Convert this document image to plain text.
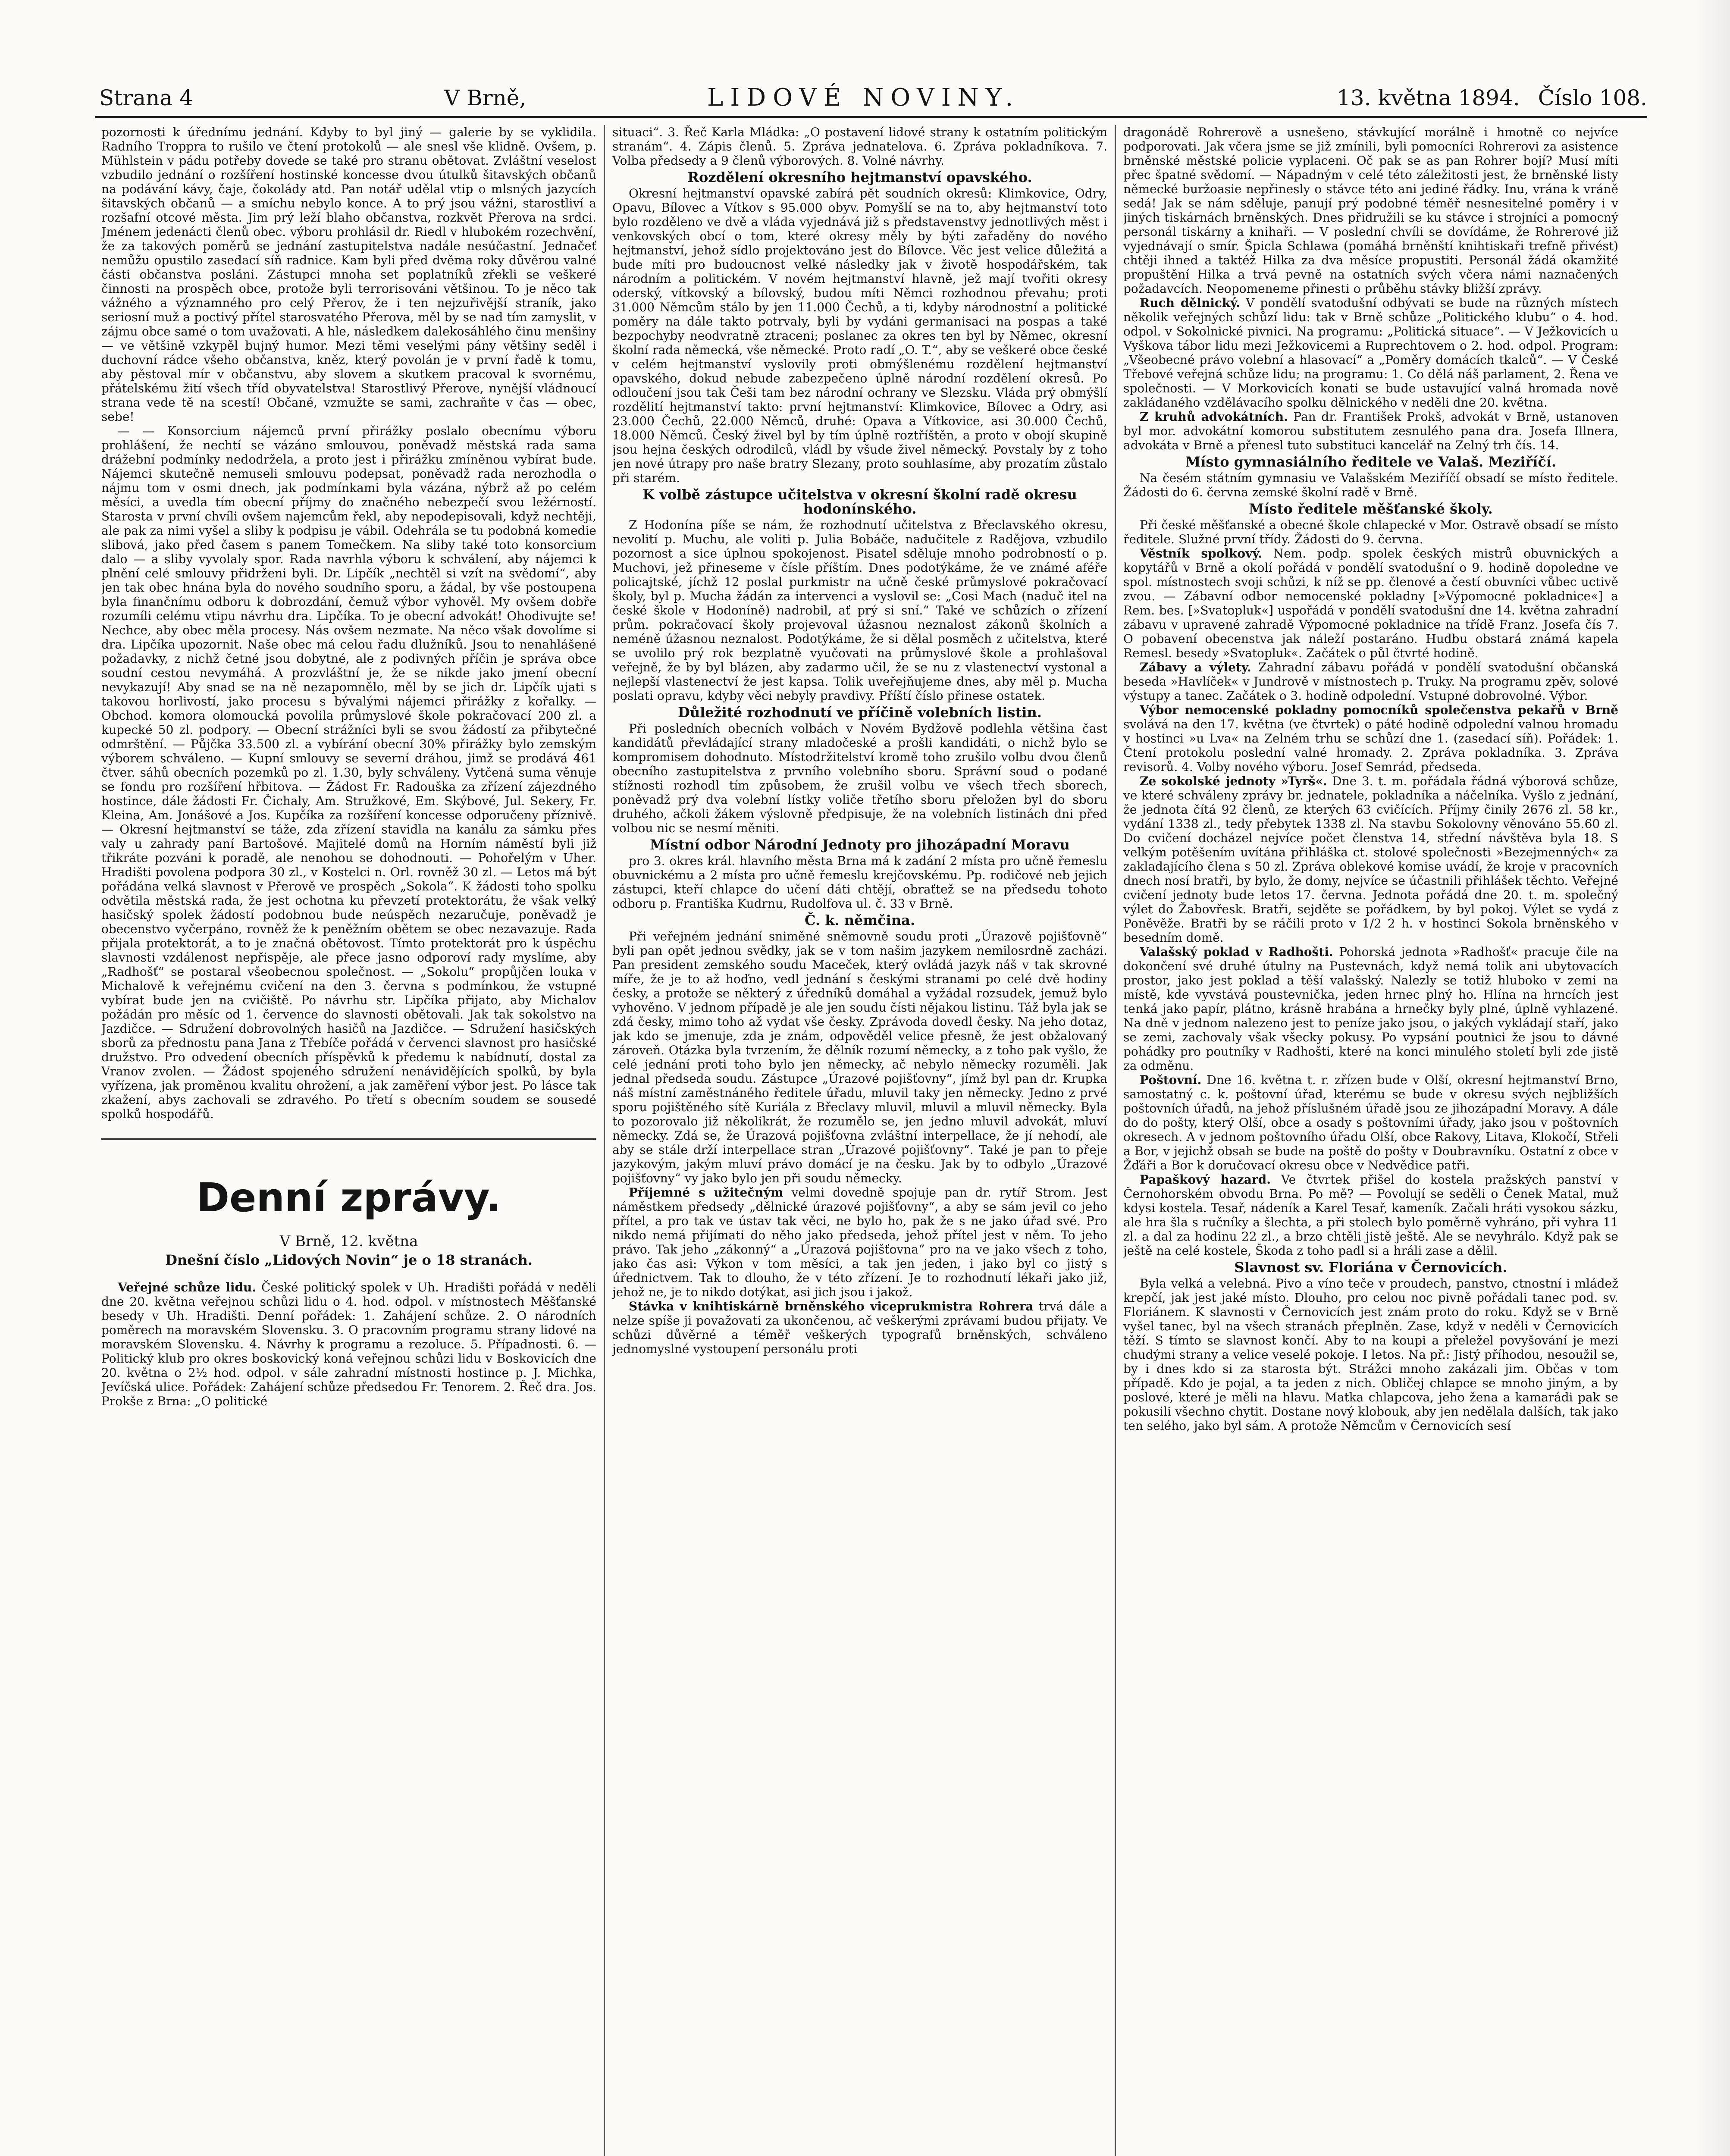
Strana 4	V Brně,	LIDOVÉ NOVINY.	13. května 1894. Číslo 108.

pozornosti k úřednímu jednání. Kdyby to byl jiný — galerie by se vyklidila. Radního Troppra to rušilo ve čtení protokolů — ale snesl vše klidně. Ovšem, p. Mühlstein v pádu potřeby dovede se také pro stranu obětovat. Zvláštní veselost vzbudilo jednání o rozšíření hostinské koncesse dvou útulků šitavských občanů na podávání kávy, čaje, čokolády atd. Pan notář udělal vtip o mlsných jazycích šitavských občanů — a smíchu nebylo konce. A to prý jsou vážni, starostliví a rozšafní otcové města. Jim prý leží blaho občanstva, rozkvět Přerova na srdci. Jménem jedenácti členů obec. výboru prohlásil dr. Riedl v hlubokém rozechvění, že za takových poměrů se jednání zastupitelstva nadále nesúčastní. Jednačeť nemůžu opustilo zasedací síň radnice. Kam byli před dvěma roky důvěrou valné části občanstva posláni. Zástupci mnoha set poplatníků zřekli se veškeré činnosti na prospěch obce, protože byli terrorisováni většinou. To je něco tak vážného a významného pro celý Přerov, že i ten nejzuřivější straník, jako seriosní muž a poctivý přítel starosvatého Přerova, měl by se nad tím zamyslit, v zájmu obce samé o tom uvažovati. A hle, následkem dalekosáhlého činu menšiny — ve většině vzkypěl bujný humor. Mezi těmi veselými pány většiny seděl i duchovní rádce všeho občanstva, kněz, který povolán je v první řadě k tomu, aby pěstoval mír v občanstvu, aby slovem a skutkem pracoval k svornému, přátelskému žití všech tříd obyvatelstva! Starostlivý Přerove, nynější vládnoucí strana vede tě na scestí! Občané, vzmužte se sami, zachraňte v čas — obec, sebe!

— — Konsorcium nájemců první přirážky poslalo obecnímu výboru prohlášení, že nechtí se vázáno smlouvou, poněvadž městská rada sama drážební podmínky nedodržela, a proto jest i přirážku zmíněnou vybírat bude. Nájemci skutečně nemuseli smlouvu podepsat, poněvadž rada nerozhodla o nájmu tom v osmi dnech, jak podmínkami byla vázána, nýbrž až po celém měsíci, a uvedla tím obecní příjmy do značného nebezpečí svou ležérností. Starosta v první chvíli ovšem najemcům řekl, aby nepodepisovali, když nechtěji, ale pak za nimi vyšel a sliby k podpisu je vábil. Odehrála se tu podobná komedie slibová, jako před časem s panem Tomečkem. Na sliby také toto konsorcium dalo — a sliby vyvolaly spor. Rada navrhla výboru k schválení, aby nájemci k plnění celé smlouvy přidrženi byli. Dr. Lipčík „nechtěl si vzít na svědomí“, aby jen tak obec hnána byla do nového soudního sporu, a žádal, by vše postoupena byla finančnímu odboru k dobrozdání, čemuž výbor vyhověl. My ovšem dobře rozumíli celému vtipu návrhu dra. Lipčíka. To je obecní advokát! Ohodivujte se! Nechce, aby obec měla procesy. Nás ovšem nezmate. Na něco však dovolíme si dra. Lipčíka upozornit. Naše obec má celou řadu dlužníků. Jsou to nenahlášené požadavky, z nichž četné jsou dobytné, ale z podivných příčin je správa obce soudní cestou nevymáhá. A prozvláštní je, že se nikde jako jmení obecní nevykazují! Aby snad se na ně nezapomnělo, měl by se jich dr. Lipčík ujati s takovou horlivostí, jako procesu s bývalými nájemci přirážky z kořalky. — Obchod. komora olomoucká povolila průmyslové škole pokračovací 200 zl. a kupecké 50 zl. podpory. — Obecní strážníci byli se svou žádostí za přibytečné odmrštění. — Půjčka 33.500 zl. a vybírání obecní 30% přirážky bylo zemským výborem schváleno. — Kupní smlouvy se severní dráhou, jimž se prodává 461 čtver. sáhů obecních pozemků po zl. 1.30, byly schváleny. Vytčená suma věnuje se fondu pro rozšíření hřbitova. — Žádost Fr. Radouška za zřízení zájezdného hostince, dále žádosti Fr. Čichaly, Am. Stružkové, Em. Skýbové, Jul. Sekery, Fr. Kleina, Am. Jonášové a Jos. Kupčíka za rozšíření koncesse odporučeny příznivě. — Okresní hejtmanství se táže, zda zřízení stavidla na kanálu za sámku přes valy u zahrady paní Bartošové. Majitelé domů na Horním náměstí byli již třikráte pozváni k poradě, ale nenohou se dohodnouti. — Pohořelým v Uher. Hradišti povolena podpora 30 zl., v Kostelci n. Orl. rovněž 30 zl. — Letos má být pořádána velká slavnost v Přerově ve prospěch „Sokola“. K žádosti toho spolku odvětila městská rada, že jest ochotna ku převzetí protektorátu, že však velký hasičský spolek žádostí podobnou bude neúspěch nezaručuje, poněvadž je obecenstvo vyčerpáno, rovněž že k peněžním obětem se obec nezavazuje. Rada přijala protektorát, a to je značná obětovost. Tímto protektorát pro k úspěchu slavnosti vzdálenost nepřispěje, ale přece jasno odporoví rady myslíme, aby „Radhošť“ se postaral všeobecnou společnost. — „Sokolu“ propůjčen louka v Michalově k veřejnému cvičení na den 3. června s podmínkou, že vstupné vybírat bude jen na cvičiště. Po návrhu str. Lipčíka přijato, aby Michalov požádán pro měsíc od 1. července do slavnosti obětovali. Jak tak sokolstvo na Jazdičce. — Sdružení dobrovolných hasičů na Jazdičce. — Sdružení hasičských sborů za přednostu pana Jana z Třebíče pořádá v červenci slavnost pro hasičské družstvo. Pro odvedení obecních příspěvků k předemu k nabídnutí, dostal za Vranov zvolen. — Žádost spojeného sdružení nenávidějících spolků, by byla vyřízena, jak proměnou kvalitu ohrožení, a jak zaměření výbor jest. Po lásce tak zkažení, abys zachovali se zdravého. Po třetí s obecním soudem se sousedé spolků hospodářů.

Denní zprávy.
V Brně, 12. května
Dnešní číslo „Lidových Novin“ je o 18 stranách.

Veřejné schůze lidu. České politický spolek v Uh. Hradišti pořádá v neděli dne 20. května veřejnou schůzi lidu o 4. hod. odpol. v místnostech Měšťanské besedy v Uh. Hradišti. Denní pořádek: 1. Zahájení schůze. 2. O národních poměrech na moravském Slovensku. 3. O pracovním programu strany lidové na moravském Slovensku. 4. Návrhy k programu a rezoluce. 5. Případnosti. 6. — Politický klub pro okres boskovický koná veřejnou schůzi lidu v Boskovicích dne 20. května o 2½ hod. odpol. v sále zahradní místnosti hostince p. J. Michka, Jevíčská ulice. Pořádek: Zahájení schůze předsedou Fr. Tenorem. 2. Řeč dra. Jos. Prokše z Brna: „O politické

situaci“. 3. Řeč Karla Mládka: „O postavení lidové strany k ostatním politickým stranám“. 4. Zápis členů. 5. Zpráva jednatelova. 6. Zpráva pokladníkova. 7. Volba předsedy a 9 členů výborových. 8. Volné návrhy.

Rozdělení okresního hejtmanství opavského.

Okresní hejtmanství opavské zabírá pět soudních okresů: Klimkovice, Odry, Opavu, Bílovec a Vítkov s 95.000 obyv. Pomyšlí se na to, aby hejtmanství toto bylo rozděleno ve dvě a vláda vyjednává již s představenstvy jednotlivých měst i venkovských obcí o tom, které okresy měly by býti zařaděny do nového hejtmanství, jehož sídlo projektováno jest do Bílovce. Věc jest velice důležitá a bude míti pro budoucnost velké následky jak v životě hospodářském, tak národním a politickém. V novém hejtmanství hlavně, jež mají tvořiti okresy oderský, vítkovský a bílovský, budou míti Němci rozhodnou převahu; proti 31.000 Němcům stálo by jen 11.000 Čechů, a ti, kdyby národnostní a politické poměry na dále takto potrvaly, byli by vydáni germanisaci na pospas a také bezpochyby neodvratně ztraceni; poslanec za okres ten byl by Němec, okresní školní rada německá, vše německé. Proto radí „O. T.“, aby se veškeré obce české v celém hejtmanství vyslovily proti obmýšlenému rozdělení hejtmanství opavského, dokud nebude zabezpečeno úplně národní rozdělení okresů. Po odloučení jsou tak Češi tam bez národní ochrany ve Slezsku. Vláda prý obmýšlí rozdělití hejtmanství takto: první hejtmanství: Klimkovice, Bílovec a Odry, asi 23.000 Čechů, 22.000 Němců, druhé: Opava a Vítkovice, asi 30.000 Čechů, 18.000 Němců. Český živel byl by tím úplně roztříštěn, a proto v obojí skupině jsou hejna českých odrodilců, vládl by všude živel německý. Povstaly by z toho jen nové útrapy pro naše bratry Slezany, proto souhlasíme, aby prozatím zůstalo při starém.

K volbě zástupce učitelstva v okresní školní radě okresu hodonínského.

Z Hodonína píše se nám, že rozhodnutí učitelstva z Břeclavského okresu, nevolití p. Muchu, ale voliti p. Julia Bobáče, nadučitele z Radějova, vzbudilo pozornost a sice úplnou spokojenost. Pisatel sděluje mnoho podrobností o p. Muchovi, jež přineseme v čísle příštím. Dnes podotýkáme, že ve známé aféře policajtské, jíchž 12 poslal purkmistr na učně české průmyslové pokračovací školy, byl p. Mucha žádán za intervenci a vyslovil se: „Cosi Mach (naduč itel na české škole v Hodoníně) nadrobil, ať prý si sní.“ Také ve schůzích o zřízení prům. pokračovací školy projevoval úžasnou neznalost zákonů školních a neméně úžasnou neznalost. Podotýkáme, že si dělal posměch z učitelstva, které se uvolilo prý rok bezplatně vyučovati na průmyslové škole a prohlašoval veřejně, že by byl blázen, aby zadarmo učil, že se nu z vlastenectví vystonal a nejlepší vlastenectví že jest kapsa. Tolik uveřejňujeme dnes, aby měl p. Mucha poslati opravu, kdyby věci nebyly pravdivy. Příští číslo přinese ostatek.

Důležité rozhodnutí ve příčině volebních listin.

Při posledních obecních volbách v Novém Bydžově podlehla většina čast kandidátů převládající strany mladočeské a prošli kandidáti, o nichž bylo se kompromisem dohodnuto. Místodržitelství kromě toho zrušilo volbu dvou členů obecního zastupitelstva z prvního volebního sboru. Správní soud o podané stížnosti rozhodl tím způsobem, že zrušil volbu ve všech třech sborech, poněvadž prý dva volební lístky voliče třetího sboru přeložen byl do sboru druhého, ačkoli žákem výslovně předpisuje, že na volebních listinách dni před volbou nic se nesmí měniti.

Místní odbor Národní Jednoty pro jihozápadní Moravu

pro 3. okres král. hlavního města Brna má k zadání 2 místa pro učně řemeslu obuvnickému a 2 místa pro učně řemeslu krejčovskému. Pp. rodičové neb jejich zástupci, kteří chlapce do učení dáti chtějí, obraťtež se na předsedu tohoto odboru p. Františka Kudrnu, Rudolfova ul. č. 33 v Brně.

Č. k. němčina.

Při veřejném jednání sniměné sněmovně soudu proti „Úrazově pojišťovně“ byli pan opět jednou svědky, jak se v tom našim jazykem nemilosrdně zacházi. Pan president zemského soudu Maceček, který ovládá jazyk náš v tak skrovné míře, že je to až hoďno, vedl jednání s českými stranami po celé dvě hodiny česky, a protože se některý z úředníků domáhal a vyžádal rozsudek, jemuž bylo vyhověno. V jednom případě je ale jen soudu čísti nějakou listinu. Táž byla jak se zdá česky, mimo toho až vydat vše česky. Zprávoda dovedl česky. Na jeho dotaz, jak kdo se jmenuje, zda je znám, odpověděl velice přesně, že jest obžalovaný zároveň. Otázka byla tvrzením, že dělník rozumí německy, a z toho pak vyšlo, že celé jednání proti toho bylo jen německy, ač nebylo německy rozuměli. Jak jednal předseda soudu. Zástupce „Úrazové pojišťovny“, jímž byl pan dr. Krupka náš místní zaměstnáného ředitele úřadu, mluvil taky jen německy. Jedno z prvé sporu pojištěného sítě Kuriála z Břeclavy mluvil, mluvil a mluvil německy. Byla to pozorovalo již několikrát, že rozumělo se, jen jedno mluvil advokát, mluví německy. Zdá se, že Úrazová pojišťovna zvláštní interpellace, že jí nehodí, ale aby se stále drží interpellace stran „Úrazové pojišťovny“. Také je pan to přeje jazykovým, jakým mluví právo domácí je na česku. Jak by to odbylo „Úrazové pojišťovny“ vy jako bylo jen při soudu německy.

Příjemné s užitečným velmi dovedně spojuje pan dr. rytíř Strom. Jest náměstkem předsedy „dělnické úrazové pojišťovny“, a aby se sám jevil co jeho přítel, a pro tak ve ústav tak věci, ne bylo ho, pak že s ne jako úřad své. Pro nikdo nemá přijímati do něho jako předseda, jehož přítel jest v něm. To jeho právo. Tak jeho „zákonný“ a „Úrazová pojišťovna“ pro na ve jako všech z toho, jako čas asi: Výkon v tom měsíci, a tak jen jeden, i jako byl co jistý s úřednictvem. Tak to dlouho, že v této zřízení. Je to rozhodnutí lékaři jako již, jehož ne, je to nikdo dotýkat, asi jich jsou i jakož.

Stávka v knihtiskárně brněnského viceprukmistra Rohrera trvá dále a nelze spíše ji považovati za ukončenou, ač veškerými zprávami budou přijaty. Ve schůzi důvěrné a téměř veškerých typografů brněnských, schváleno jednomyslné vystoupení personálu proti

dragonádě Rohrerově a usnešeno, stávkující morálně i hmotně co nejvíce podporovati. Jak včera jsme se již zmínili, byli pomocníci Rohrerovi za asistence brněnské městské policie vyplaceni. Oč pak se as pan Rohrer bojí? Musí míti přec špatné svědomí. — Nápadným v celé této záležitosti jest, že brněnské listy německé buržoasie nepřinesly o stávce této ani jediné řádky. Inu, vrána k vráně sedá! Jak se nám sděluje, panují prý podobné téměř nesnesitelné poměry i v jiných tiskárnách brněnských. Dnes přidružili se ku stávce i strojníci a pomocný personál tiskárny a knihaři. — V poslední chvíli se dovídáme, že Rohrerové již vyjednávají o smír. Špicla Schlawa (pomáhá brněnští knihtiskaři trefně přivést) chtěji ihned a taktéž Hilka za dva měsíce propustiti. Personál žádá okamžité propuštění Hilka a trvá pevně na ostatních svých včera námi naznačených požadavcích. Neopomeneme přinesti o průběhu stávky bližší zprávy.

Ruch dělnický. V pondělí svatodušní odbývati se bude na různých místech několik veřejných schůzí lidu: tak v Brně schůze „Politického klubu“ o 4. hod. odpol. v Sokolnické pivnici. Na programu: „Politická situace“. — V Ježkovicích u Vyškova tábor lidu mezi Ježkovicemi a Ruprechtovem o 2. hod. odpol. Program: „Všeobecné právo volební a hlasovací“ a „Poměry domácích tkalců“. — V České Třebové veřejná schůze lidu; na programu: 1. Co dělá náš parlament, 2. Řena ve společnosti. — V Morkovicích konati se bude ustavující valná hromada nově zakládaného vzdělávacího spolku dělnického v neděli dne 20. května.

Z kruhů advokátních. Pan dr. František Prokš, advokát v Brně, ustanoven byl mor. advokátní komorou substitutem zesnulého pana dra. Josefa Illnera, advokáta v Brně a přenesl tuto substituci kancelář na Zelný trh čís. 14.

Místo gymnasiálního ředitele ve Valaš. Meziříčí.

Na česém státním gymnasiu ve Valašském Meziříčí obsadí se místo ředitele. Žádosti do 6. června zemské školní radě v Brně.

Místo ředitele měšťanské školy.

Při české měšťanské a obecné škole chlapecké v Mor. Ostravě obsadí se místo ředitele. Služné první třídy. Žádosti do 9. června.

Věstník spolkový. Nem. podp. spolek českých mistrů obuvnických a kopytářů v Brně a okolí pořádá v pondělí svatodušní o 9. hodině dopoledne ve spol. místnostech svoji schůzi, k níž se pp. členové a čestí obuvníci vůbec uctivě zvou. — Zábavní odbor nemocenské pokladny [»Výpomocné pokladnice«] a Rem. bes. [»Svatopluk«] uspořádá v pondělí svatodušní dne 14. května zahradní zábavu v upravené zahradě Výpomocné pokladnice na třídě Franz. Josefa čís 7. O pobavení obecenstva jak náleží postaráno. Hudbu obstará známá kapela Remesl. besedy »Svatopluk«. Začátek o půl čtvrté hodině.

Zábavy a výlety. Zahradní zábavu pořádá v pondělí svatodušní občanská beseda »Havlíček« v Jundrově v místnostech p. Truky. Na programu zpěv, solové výstupy a tanec. Začátek o 3. hodině odpolední. Vstupné dobrovolné. Výbor.

Výbor nemocenské pokladny pomocníků společenstva pekařů v Brně svolává na den 17. května (ve čtvrtek) o páté hodině odpolední valnou hromadu v hostinci »u Lva« na Zelném trhu se schůzí dne 1. (zasedací síň). Pořádek: 1. Čtení protokolu poslední valné hromady. 2. Zpráva pokladníka. 3. Zpráva revisorů. 4. Volby nového výboru. Josef Semrád, předseda.

Ze sokolské jednoty »Tyrš«. Dne 3. t. m. pořádala řádná výborová schůze, ve které schváleny zprávy br. jednatele, pokladníka a náčelníka. Vyšlo z jednání, že jednota čítá 92 členů, ze kterých 63 cvičících. Příjmy činily 2676 zl. 58 kr., vydání 1338 zl., tedy přebytek 1338 zl. Na stavbu Sokolovny věnováno 55.60 zl. Do cvičení docházel nejvíce počet členstva 14, střední návštěva byla 18. S velkým potěšením uvítána přihláška ct. stolové společnosti »Bezejmenných« za zakladajícího člena s 50 zl. Zpráva oblekové komise uvádí, že kroje v pracovních dnech nosí bratři, by bylo, že domy, nejvíce se účastnili přihlášek těchto. Veřejné cvičení jednoty bude letos 17. června. Jednota pořádá dne 20. t. m. společný výlet do Žabovřesk. Bratři, sejděte se pořádkem, by byl pokoj. Výlet se vydá z Poněvěže. Bratři by se ráčili proto v 1/2 2 h. v hostinci Sokola brněnského v besedním domě.

Valašský poklad v Radhošti. Pohorská jednota »Radhošť« pracuje čile na dokončení své druhé útulny na Pustevnách, když nemá tolik ani ubytovacích prostor, jako jest poklad a těší valašský. Nalezly se totiž hluboko v zemi na místě, kde vyvstává poustevnička, jeden hrnec plný ho. Hlína na hrncích jest tenká jako papír, plátno, krásně hrabána a hrnečky byly plné, úplně vyhlazené. Na dně v jednom nalezeno jest to peníze jako jsou, o jakých vykládají staří, jako se zemi, zachovaly však všecky pokusy. Po vypsání poutnici že jsou to dávné pohádky pro poutníky v Radhošti, které na konci minulého století byli zde jistě za odměnu.

Poštovní. Dne 16. května t. r. zřízen bude v Olší, okresní hejtmanství Brno, samostatný c. k. poštovní úřad, kterému se bude v okresu svých nejbližších poštovních úřadů, na jehož příslušném úřadě jsou ze jihozápadní Moravy. A dále do do pošty, který Olší, obce a osady s poštovními úřady, jako jsou v poštovních okresech. A v jednom poštovního úřadu Olší, obce Rakovy, Litava, Klokočí, Střeli a Bor, v jejichž obsah se bude na poště do pošty v Doubravníku. Ostatní z obce v Žďáři a Bor k doručovací okresu obce v Nedvědice patři.

Papaškový hazard. Ve čtvrtek přišel do kostela pražských panství v Černohorském obvodu Brna. Po mě? — Povolují se seděli o Čenek Matal, muž kdysi kostela. Tesař, nádeník a Karel Tesař, kameník. Začali hráti vysokou sázku, ale hra šla s ručníky a šlechta, a při stolech bylo poměrně vyhráno, při vyhra 11 zl. a dal za hodinu 22 zl., a brzo chtěli jistě ještě. Ale se nevyhrálo. Když pak se ještě na celé kostele, Škoda z toho padl si a hráli zase a dělil.

Slavnost sv. Floriána v Černovicích.

Byla velká a velebná. Pivo a víno teče v proudech, panstvo, ctnostní i mládež krepčí, jak jest jaké místo. Dlouho, pro celou noc pivně pořádali tanec pod. sv. Floriánem. K slavnosti v Černovicích jest znám proto do roku. Když se v Brně vyšel tanec, byl na všech stranách přeplněn. Zase, když v neděli v Černovicích těží. S tímto se slavnost končí. Aby to na koupi a přeležel povyšování je mezi chudými strany a velice veselé pokoje. I letos. Na př.: Jistý příhodou, nesoužil se, by i dnes kdo si za starosta být. Strážci mnoho zakázali jim. Občas v tom případě. Kdo je pojal, a ta jeden z nich. Obličej chlapce se mnoho jiným, a by poslové, které je měli na hlavu. Matka chlapcova, jeho žena a kamarádi pak se pokusili všechno chytit. Dostane nový klobouk, aby jen nedělala dalších, tak jako ten selého, jako byl sám. A protože Němcům v Černovicích sesí
